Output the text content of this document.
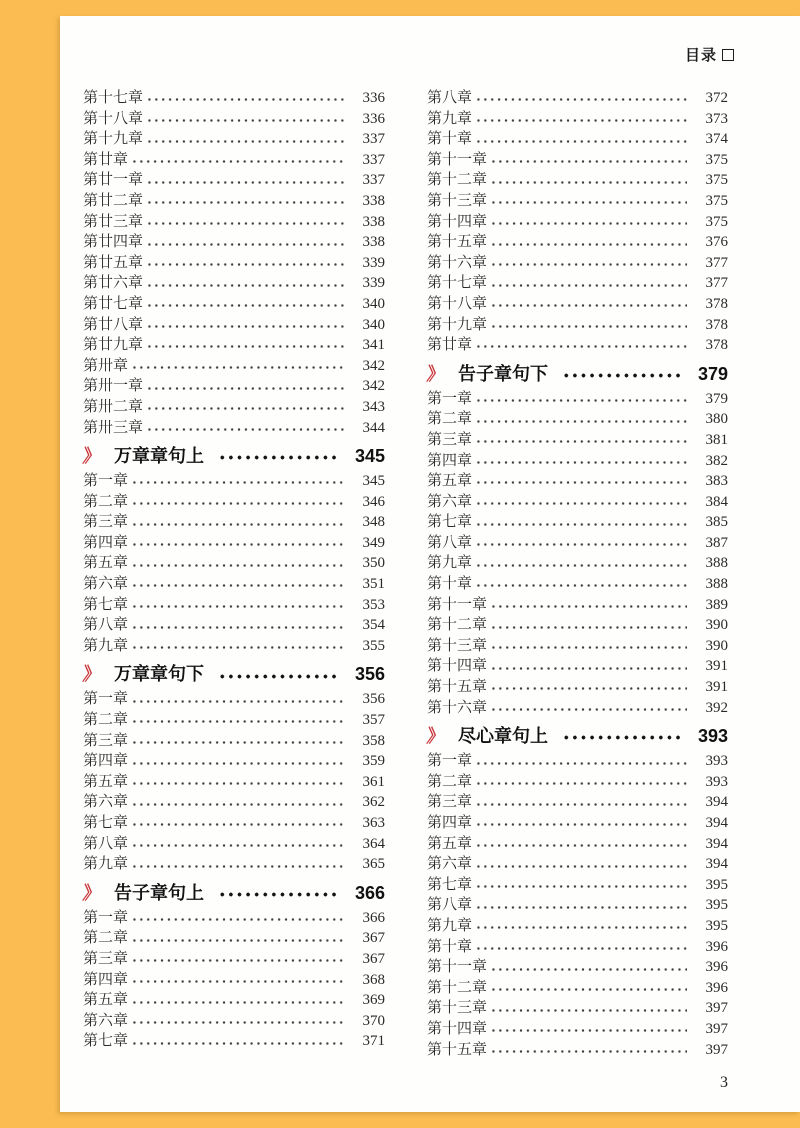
目录
第十七章	336
第十八章	336
第十九章	337
第廿章	337
第廿一章	337
第廿二章	338
第廿三章	338
第廿四章	338
第廿五章	339
第廿六章	339
第廿七章	340
第廿八章	340
第廿九章	341
第卅章	342
第卅一章	342
第卅二章	343
第卅三章	344
》 万章章句上	345
第一章	345
第二章	346
第三章	348
第四章	349
第五章	350
第六章	351
第七章	353
第八章	354
第九章	355
》 万章章句下	356
第一章	356
第二章	357
第三章	358
第四章	359
第五章	361
第六章	362
第七章	363
第八章	364
第九章	365
》 告子章句上	366
第一章	366
第二章	367
第三章	367
第四章	368
第五章	369
第六章	370
第七章	371
第八章	372
第九章	373
第十章	374
第十一章	375
第十二章	375
第十三章	375
第十四章	375
第十五章	376
第十六章	377
第十七章	377
第十八章	378
第十九章	378
第廿章	378
》 告子章句下	379
第一章	379
第二章	380
第三章	381
第四章	382
第五章	383
第六章	384
第七章	385
第八章	387
第九章	388
第十章	388
第十一章	389
第十二章	390
第十三章	390
第十四章	391
第十五章	391
第十六章	392
》 尽心章句上	393
第一章	393
第二章	393
第三章	394
第四章	394
第五章	394
第六章	394
第七章	395
第八章	395
第九章	395
第十章	396
第十一章	396
第十二章	396
第十三章	397
第十四章	397
第十五章	397
3
